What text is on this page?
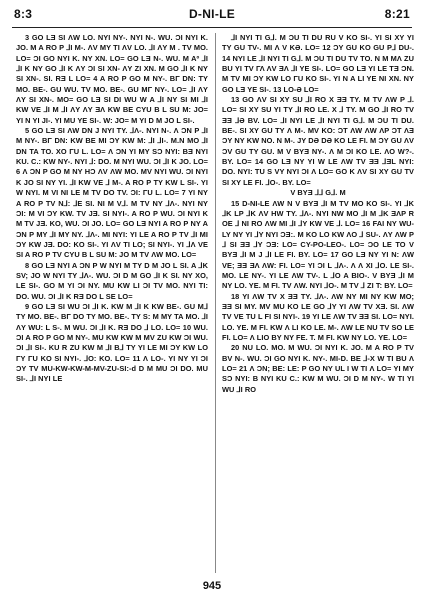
8:3	D-NI-LE	8:21

3 GO LƎ SI ΛW LO. NYI NY-. NYI N-. WU. ƆI NYI K. JO. M A RO P ⅃I M-. ΛV MY TI ΛV LO. ⅃I ΛY M . TV MO. LO= ƆI GO NYI K. NY XN. LO= GO LƎ N-. WU. M Aº ⅃I ⅃I K NY GO ⅃I K ΛY ƆI SI XN- ΛY ZI XN. M GO ⅃I K NY SI XN-. SI. RƎ L LO= 4 A RO P GO M NY-. BΓ DN: TY MO. BE-. GU WU. TV MO. BE-. GU MΓ NY-. LO= ⅃I ΛY ΛY SI XN-. MO= GO LƎ SI DI WU W A ⅃I NY SI MI ⅃I KW VE ⅃I M ⅃I ΛY ΛY ƎΛ KW BE CYU B L SU M: JO= YI N YI JI-. YI MU YE SI-. W: JO= M YI D M JO L SI-.

5 GO LƎ SI ΛW DN J NYI TY. ⅃Λ-. NYI N-. Λ ƆN P ⅃I M NY-. BΓ DN: KW BE MI ƆY KW M: ⅃I ⅃I-. M.N MO ⅃I DN TA TO. ΧO ΓU L. LO= Λ ƆN YI MY SƆ NYI: BƎ NYI KU. C.: KW NY-. NYI ⅃: DO. M NYI WU. ƆI ⅃I K JO. LO= 6 Λ ƆN P GO M NY HƆ ΛV ΛW MO. MV NYI WU. ƆI NYI K JO SI NY YI. ⅃Ι KW VE ⅃ M-. A RO P TY KW L SI-. YI W NYI. M VI NI LE M TV DO TV. ƆI: ΓU L. LO= 7 YI NY A RO P TV N⅃: ⅃E SI. NI M V⅃. M TV NY ⅃Λ-. NYI NY ƆI: M VI ƆY KW. TV JƎ. SI NYI-. A RO P WU. ƆI NYI K M TV JƎ. KO, WU. ƆI JO. LO= GO LƎ NYI A RO P NY A ƆN P MY ⅃I MY NY. ⅃Λ-. MI NYI: YI LE A RO P TV ⅃I MI ƆY KW JƎ. DO: KO SI-. YI ΛV TI LO; SI NYI-. YI ⅃Λ VE SI A RO P TV CYU B L SU M: JO M TV ΛW MO. LO=

8 GO LƎ NYI A ƆN P W NYI M TY D M JO L SI. A ⅃K SV; JO W NYI TY ⅃Λ-. WU. ƆI D M GO ⅃I K SI. NY XO, LE SI-. GO M YI ƆI NY. MU KW LI ƆI TV MO. NYI TI: DO. WU. ƆI ⅃I K RƎ DO L SE LO=

9 GO LƎ SI WU ƆI ⅃I K. KW M ⅃I K KW BE-. GU M⅃ TY MO. BE-. BΓ DO TY MO. BE-. TY S: M MY TA MO. ⅃I ΛY WU: L S-. M WU. ƆI ⅃I K. RƎ DO ⅃ LO. LO= 10 WU. ƆI A RO P GO M NY-. MU KW KW M MV ZU KW ƆI WU. ƆI ⅃I SI-. KU R ZU KW M ⅃I B⅃ TY YI LE MI ƆY KW LO ΓY ΓU KO SI NYI-. ⅃O: KO. LO= 11 Λ LO-. YI NY YI ƆI ƆY TV MU-KW-KW-M-MV-ZU-SI:-d D M MU ƆI DO. MU SI-. ⅃I NYI LE

⅃I NYI TI G⅃. M ƆU TI DU RU V KO SI-. YI SI XY YI TY GU TV-. MI Λ V KƏ. LO= 12 ƆY GU KO GU P⅃ DU-. 14 NYI LE ⅃I NYI TI G⅃. M ƆU TI DU TV TO. N M MΛ ZU BU YI TV ΓΛ ΛV ƎΛ ⅃I YE SI-. LO= GO LƎ YI LE TƎ ƆN. M TV MI ƆY KW LO ΓU KO SI-. YI N A LI YE NI XN. NY GO LƎ YE SI-. 13 LO-Ə LO=

13 GO ΛV SI XY SU ⅃I RO X ƎƎ TY. M TV ΛW P ⅃. LO= SI XY SU YI TY ⅃I RO LE. X ⅃ TY. M GO ⅃I RO TV ƎƎ ⅃Ə BV. LO= ⅃I NYI LE ⅃I NYI TI G⅃. M ƆU TI DU. BE-. SI XY GU TY Λ M-. MV KO: ƆT ΛW ΛW ΛP ƆT ΛƎ ƆY NY KW NO. N M-. JY DƏ DƏ KO LE FI. M ƆY GU ΛV ƆV GU TY GU. M V BYƎ NY-. Λ M ƆI KO LE. ΛO W?-. BY. LO= 14 GO LƎ NY YI W LE ΛW TV ƎƎ ⅃ƎL NYI: DO. NYI: TU S VY NYI ƆI Λ LO= GO K ΛV SI XY GU TV SI XY LE FI. ⅃O-. BY. LO=

V BYƎ ⅃⅃ G⅃. M

15 D-NI-LE ΛW N V BYƎ ⅃I M TV MO KO SI-. YI ⅃K ⅃K LP ⅃K ΛV HW TY. ⅃Λ-. NYI NW MO ⅃I M ⅃K ƎΛP R OE ⅃ NI RO ΛW MI ⅃I ⅃Y KW VE ⅃. LO= 16 FAI NY WU-LY NY YI ⅃Y NYI ƆƎ:. M KO LO KW ΛO ⅃ SU-. ΛY ΛW P ⅃ SI ƎƎ ⅃Y ƆƎ: LO= CY-PO-LEO-. LO= ƆO LE TO V BYƎ ⅃I M J ⅃I LE FI. BY. LO= 17 GO LƎ NY YI N: ΛW VE; ƎƎ ƎΛ ΛW: FI. LO= YI ƆI L ⅃Λ-. Λ Λ XI ⅃O. LE SI-. MO. LE NY-. YI LE ΛW TV-. L ⅃O A BIO-. V BYƎ ⅃I M NY LO. YE. M FI. TV ΛW. NYI ⅃O-. M TV ⅃ ZI T: BY. LO=

18 YI ΛW TV X ƎƎ TY. ⅃Λ-. ΛW NY MI NY KW MO; ƎƎ SI MY. MV MU KO LE GO ⅃Y YI ΛW TV XƎ. SI. ΛW TV VE TU L FI SI NYI-. 19 YI LE ΛW TV ƎƎ SI. LO= NYI. LO. YE. M FI. KW Λ LI KO LE. M-. ΛW LE NU TV SO LE FI. LO= Λ LIO BY NY FE. T. M FI. KW NY LO. YE. LO=

20 NU LO. MO. M WU. ƆI NYI K. JO. M A RO P TV BV N-. WU. ƆI GO NYI K. NY-. MI-D. BE ⅃-X W TI BU Λ LO= 21 Λ ƆN; BE: LE: P GO NY UL I W TI Λ LO= YI MY SƆ NYI: B NYI KU C.: KW M WU. ƆI D M NY-. W TI YI WU ⅃I RO

945
